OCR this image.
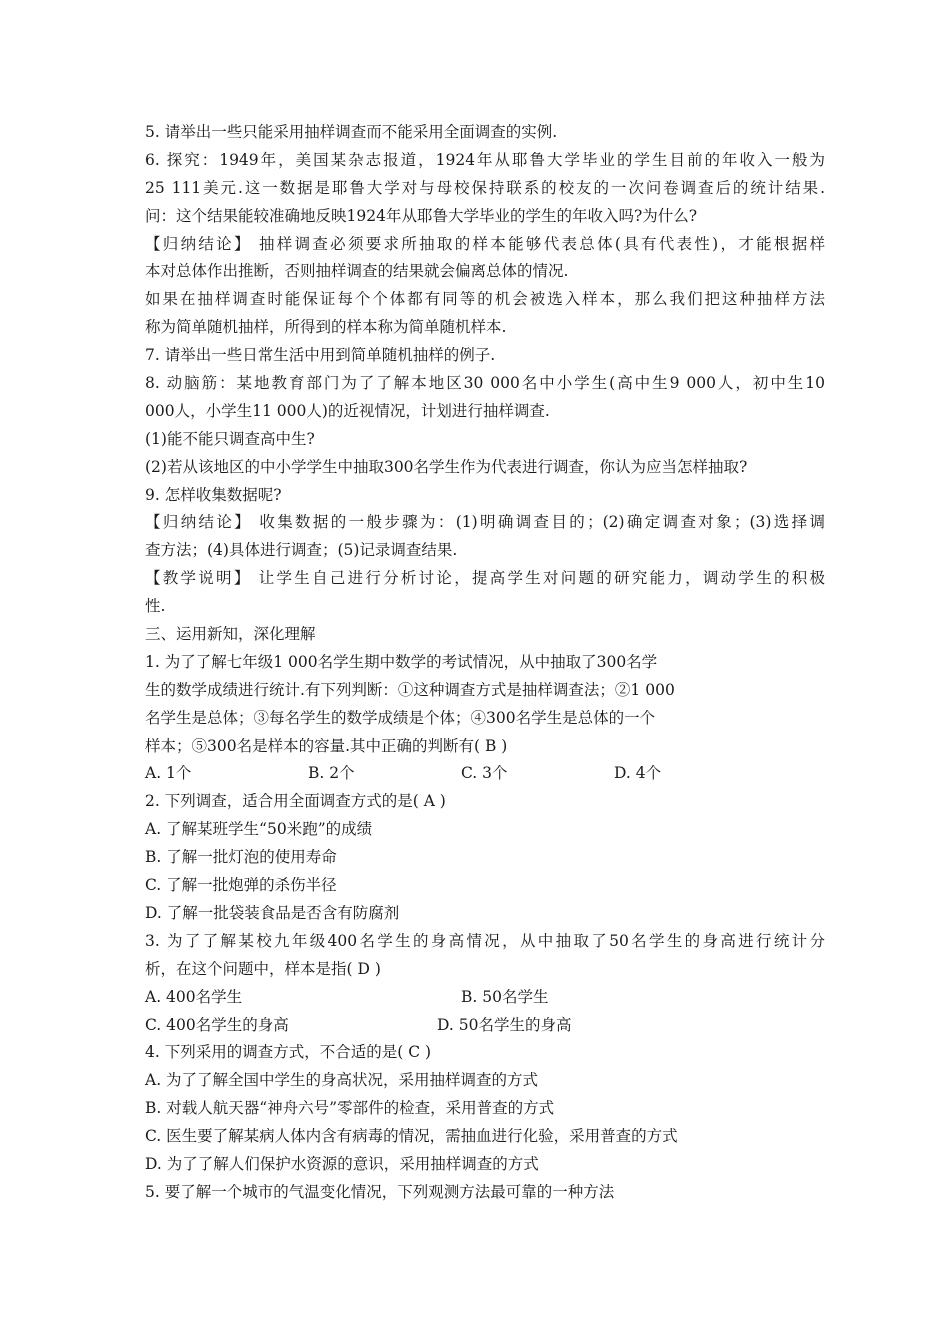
5. 请举出一些只能采用抽样调查而不能采用全面调查的实例.
6. 探究：1949年，美国某杂志报道，1924年从耶鲁大学毕业的学生目前的年收入一般为
25 111美元.这一数据是耶鲁大学对与母校保持联系的校友的一次问卷调查后的统计结果.
问：这个结果能较准确地反映1924年从耶鲁大学毕业的学生的年收入吗?为什么?
【归纳结论】 抽样调查必须要求所抽取的样本能够代表总体(具有代表性)，才能根据样
本对总体作出推断，否则抽样调查的结果就会偏离总体的情况.
如果在抽样调查时能保证每个个体都有同等的机会被选入样本，那么我们把这种抽样方法
称为简单随机抽样，所得到的样本称为简单随机样本.
7. 请举出一些日常生活中用到简单随机抽样的例子.
8. 动脑筋：某地教育部门为了了解本地区30 000名中小学生(高中生9 000人，初中生10
000人，小学生11 000人)的近视情况，计划进行抽样调查.
(1)能不能只调查高中生?
(2)若从该地区的中小学学生中抽取300名学生作为代表进行调查，你认为应当怎样抽取?
9. 怎样收集数据呢?
【归纳结论】 收集数据的一般步骤为：(1)明确调查目的；(2)确定调查对象；(3)选择调
查方法；(4)具体进行调查；(5)记录调查结果.
【教学说明】 让学生自己进行分析讨论，提高学生对问题的研究能力，调动学生的积极
性.
三、运用新知，深化理解
1. 为了了解七年级1 000名学生期中数学的考试情况，从中抽取了300名学
生的数学成绩进行统计.有下列判断：①这种调查方式是抽样调查法；②1 000
名学生是总体；③每名学生的数学成绩是个体；④300名学生是总体的一个
样本；⑤300名是样本的容量.其中正确的判断有( B )
A. 1个	B. 2个	C. 3个	D. 4个
2. 下列调查，适合用全面调查方式的是( A )
A. 了解某班学生“50米跑”的成绩
B. 了解一批灯泡的使用寿命
C. 了解一批炮弹的杀伤半径
D. 了解一批袋装食品是否含有防腐剂
3. 为了了解某校九年级400名学生的身高情况，从中抽取了50名学生的身高进行统计分
析，在这个问题中，样本是指( D )
A. 400名学生	B. 50名学生
C. 400名学生的身高	D. 50名学生的身高
4. 下列采用的调查方式，不合适的是( C )
A. 为了了解全国中学生的身高状况，采用抽样调查的方式
B. 对载人航天器“神舟六号”零部件的检查，采用普查的方式
C. 医生要了解某病人体内含有病毒的情况，需抽血进行化验，采用普查的方式
D. 为了了解人们保护水资源的意识，采用抽样调查的方式
5. 要了解一个城市的气温变化情况，下列观测方法最可靠的一种方法
